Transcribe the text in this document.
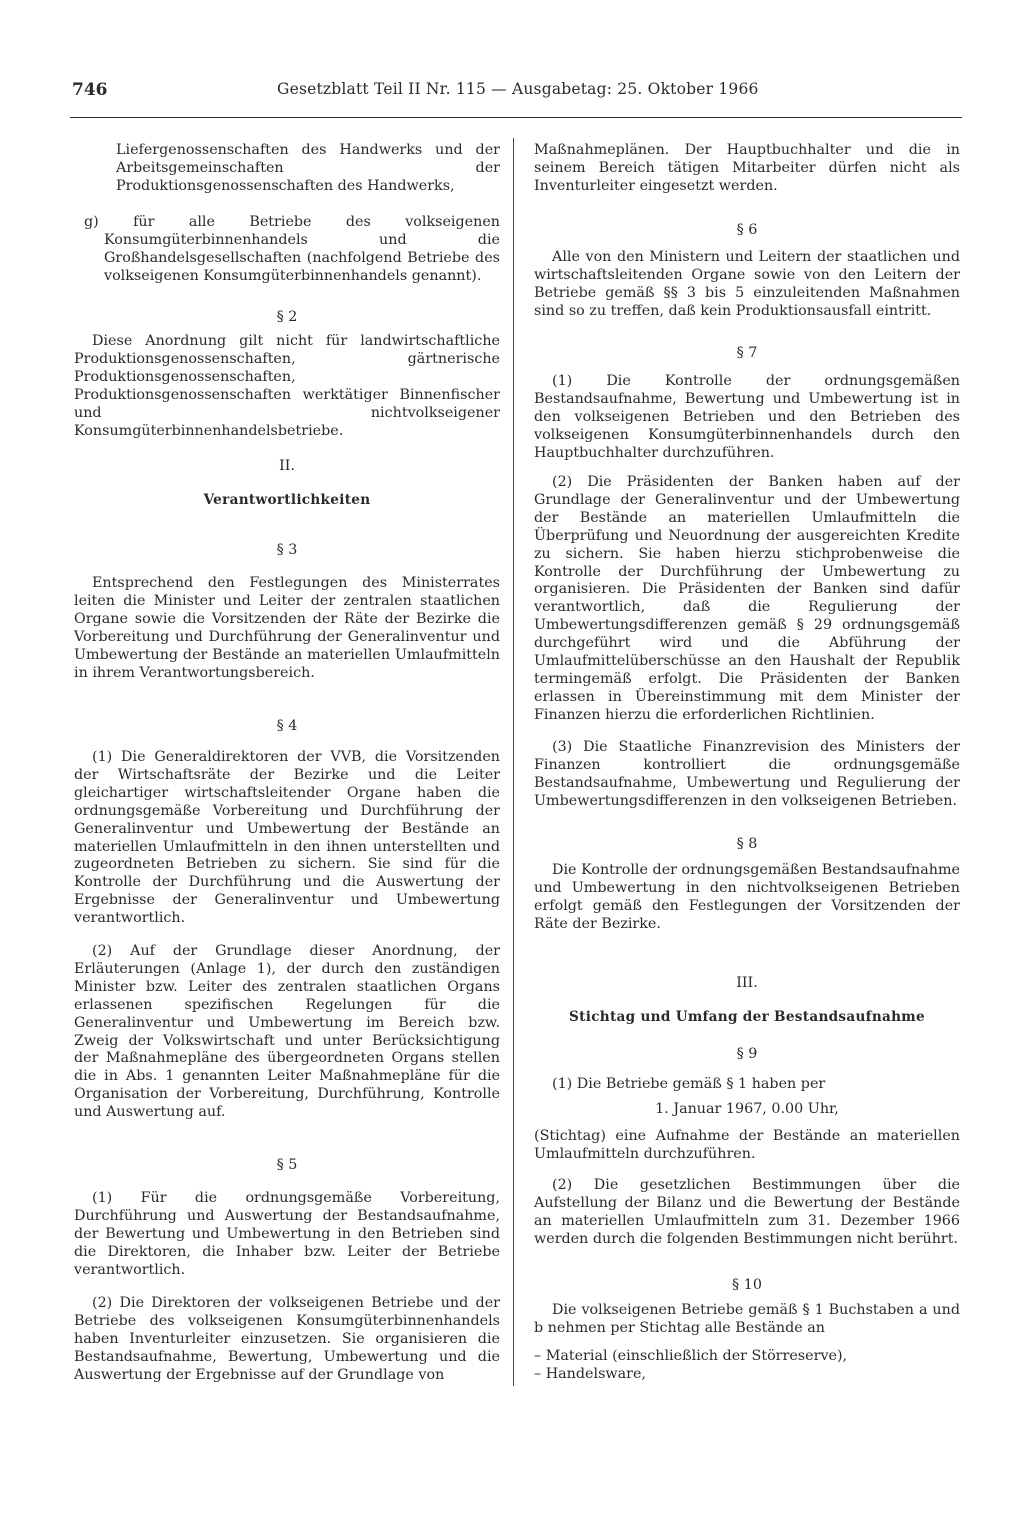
746	Gesetzblatt Teil II Nr. 115 — Ausgabetag: 25. Oktober 1966

Liefergenossenschaften des Handwerks und der Arbeitsgemeinschaften der Produktionsgenossenschaften des Handwerks,

g) für alle Betriebe des volkseigenen Konsumgüterbinnenhandels und die Großhandelsgesellschaften (nachfolgend Betriebe des volkseigenen Konsumgüterbinnenhandels genannt).

§ 2

Diese Anordnung gilt nicht für landwirtschaftliche Produktionsgenossenschaften, gärtnerische Produktionsgenossenschaften, Produktionsgenossenschaften werktätiger Binnenfischer und nichtvolkseigener Konsumgüterbinnenhandelsbetriebe.

II.

Verantwortlichkeiten

§ 3

Entsprechend den Festlegungen des Ministerrates leiten die Minister und Leiter der zentralen staatlichen Organe sowie die Vorsitzenden der Räte der Bezirke die Vorbereitung und Durchführung der Generalinventur und Umbewertung der Bestände an materiellen Umlaufmitteln in ihrem Verantwortungsbereich.

§ 4

(1) Die Generaldirektoren der VVB, die Vorsitzenden der Wirtschaftsräte der Bezirke und die Leiter gleichartiger wirtschaftsleitender Organe haben die ordnungsgemäße Vorbereitung und Durchführung der Generalinventur und Umbewertung der Bestände an materiellen Umlaufmitteln in den ihnen unterstellten und zugeordneten Betrieben zu sichern. Sie sind für die Kontrolle der Durchführung und die Auswertung der Ergebnisse der Generalinventur und Umbewertung verantwortlich.

(2) Auf der Grundlage dieser Anordnung, der Erläuterungen (Anlage 1), der durch den zuständigen Minister bzw. Leiter des zentralen staatlichen Organs erlassenen spezifischen Regelungen für die Generalinventur und Umbewertung im Bereich bzw. Zweig der Volkswirtschaft und unter Berücksichtigung der Maßnahmepläne des übergeordneten Organs stellen die in Abs. 1 genannten Leiter Maßnahmepläne für die Organisation der Vorbereitung, Durchführung, Kontrolle und Auswertung auf.

§ 5

(1) Für die ordnungsgemäße Vorbereitung, Durchführung und Auswertung der Bestandsaufnahme, der Bewertung und Umbewertung in den Betrieben sind die Direktoren, die Inhaber bzw. Leiter der Betriebe verantwortlich.

(2) Die Direktoren der volkseigenen Betriebe und der Betriebe des volkseigenen Konsumgüterbinnenhandels haben Inventurleiter einzusetzen. Sie organisieren die Bestandsaufnahme, Bewertung, Umbewertung und die Auswertung der Ergebnisse auf der Grundlage von

Maßnahmeplänen. Der Hauptbuchhalter und die in seinem Bereich tätigen Mitarbeiter dürfen nicht als Inventurleiter eingesetzt werden.

§ 6

Alle von den Ministern und Leitern der staatlichen und wirtschaftsleitenden Organe sowie von den Leitern der Betriebe gemäß §§ 3 bis 5 einzuleitenden Maßnahmen sind so zu treffen, daß kein Produktionsausfall eintritt.

§ 7

(1) Die Kontrolle der ordnungsgemäßen Bestandsaufnahme, Bewertung und Umbewertung ist in den volkseigenen Betrieben und den Betrieben des volkseigenen Konsumgüterbinnenhandels durch den Hauptbuchhalter durchzuführen.

(2) Die Präsidenten der Banken haben auf der Grundlage der Generalinventur und der Umbewertung der Bestände an materiellen Umlaufmitteln die Überprüfung und Neuordnung der ausgereichten Kredite zu sichern. Sie haben hierzu stichprobenweise die Kontrolle der Durchführung der Umbewertung zu organisieren. Die Präsidenten der Banken sind dafür verantwortlich, daß die Regulierung der Umbewertungsdifferenzen gemäß § 29 ordnungsgemäß durchgeführt wird und die Abführung der Umlaufmittelüberschüsse an den Haushalt der Republik termingemäß erfolgt. Die Präsidenten der Banken erlassen in Übereinstimmung mit dem Minister der Finanzen hierzu die erforderlichen Richtlinien.

(3) Die Staatliche Finanzrevision des Ministers der Finanzen kontrolliert die ordnungsgemäße Bestandsaufnahme, Umbewertung und Regulierung der Umbewertungsdifferenzen in den volkseigenen Betrieben.

§ 8

Die Kontrolle der ordnungsgemäßen Bestandsaufnahme und Umbewertung in den nichtvolkseigenen Betrieben erfolgt gemäß den Festlegungen der Vorsitzenden der Räte der Bezirke.

III.

Stichtag und Umfang der Bestandsaufnahme

§ 9

(1) Die Betriebe gemäß § 1 haben per

1. Januar 1967, 0.00 Uhr,

(Stichtag) eine Aufnahme der Bestände an materiellen Umlaufmitteln durchzuführen.

(2) Die gesetzlichen Bestimmungen über die Aufstellung der Bilanz und die Bewertung der Bestände an materiellen Umlaufmitteln zum 31. Dezember 1966 werden durch die folgenden Bestimmungen nicht berührt.

§ 10

Die volkseigenen Betriebe gemäß § 1 Buchstaben a und b nehmen per Stichtag alle Bestände an

– Material (einschließlich der Störreserve),

– Handelsware,
